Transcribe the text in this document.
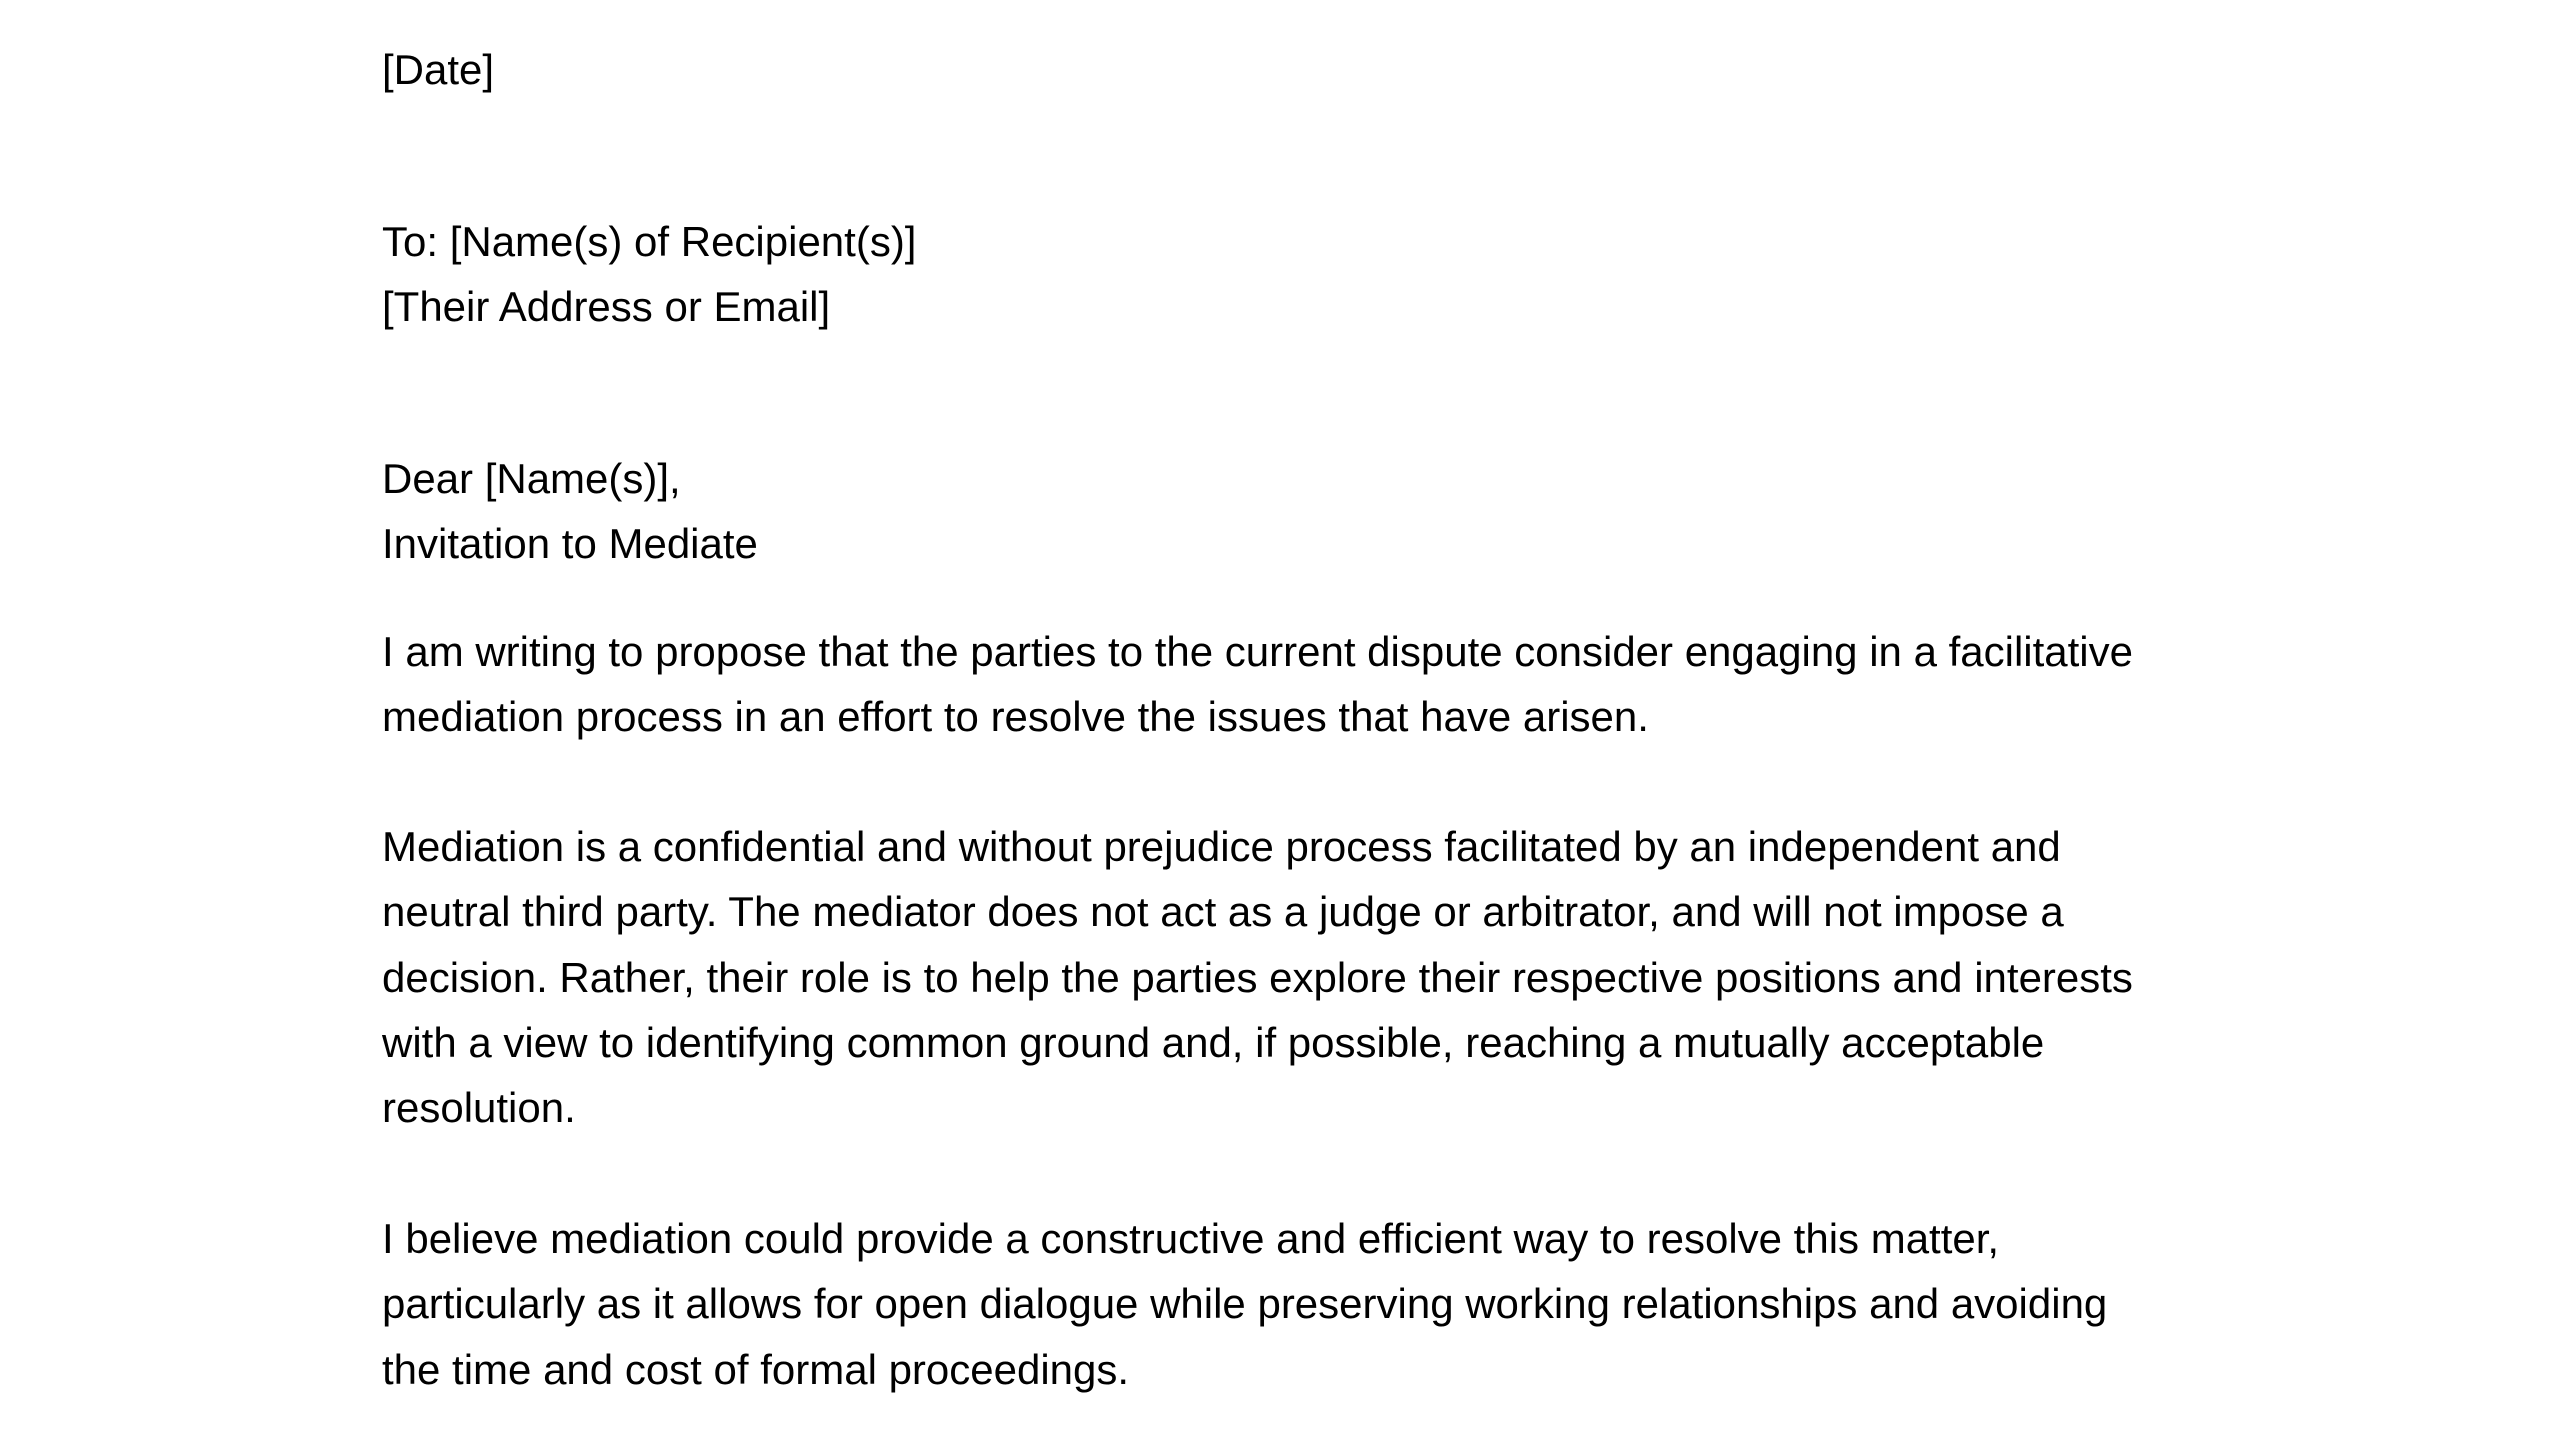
[Date]

To: [Name(s) of Recipient(s)]

[Their Address or Email]

Dear [Name(s)],

Invitation to Mediate

I am writing to propose that the parties to the current dispute consider engaging in a facilitative
mediation process in an effort to resolve the issues that have arisen.
Mediation is a confidential and without prejudice process facilitated by an independent and
neutral third party. The mediator does not act as a judge or arbitrator, and will not impose a
decision. Rather, their role is to help the parties explore their respective positions and interests
with a view to identifying common ground and, if possible, reaching a mutually acceptable
resolution.
I believe mediation could provide a constructive and efficient way to resolve this matter,
particularly as it allows for open dialogue while preserving working relationships and avoiding
the time and cost of formal proceedings.
